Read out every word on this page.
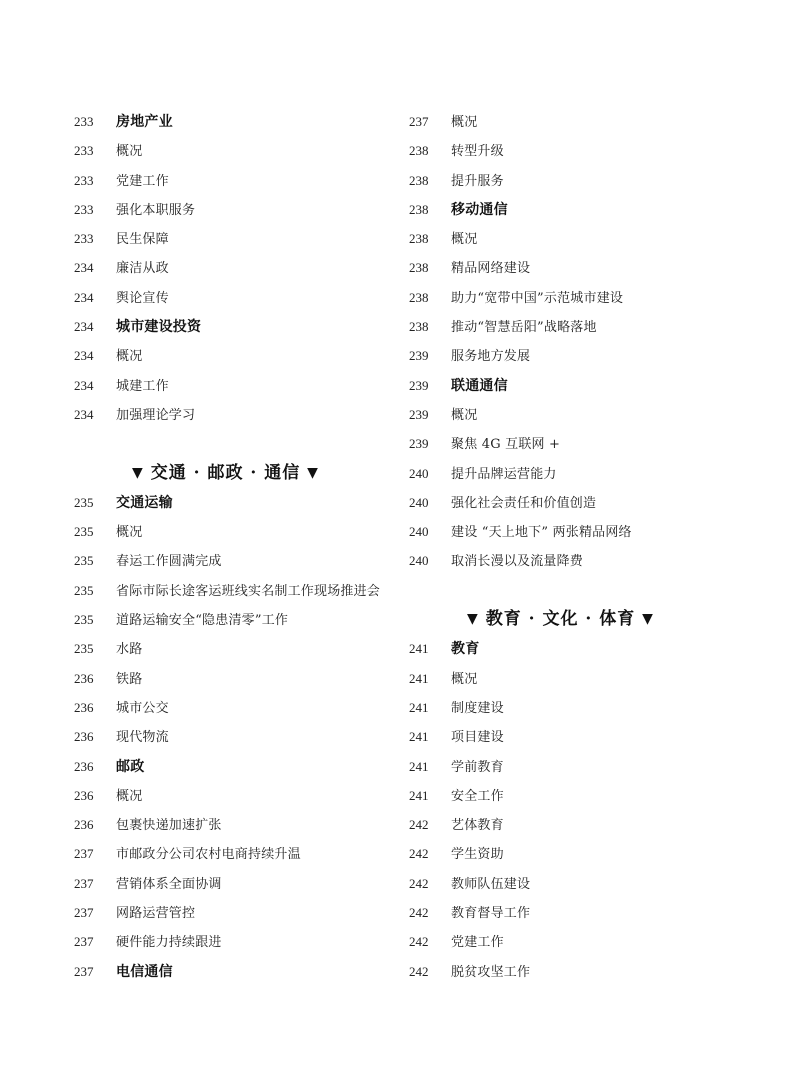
233 房地产业
233 概况
233 党建工作
233 强化本职服务
233 民生保障
234 廉洁从政
234 舆论宣传
234 城市建设投资
234 概况
234 城建工作
234 加强理论学习
▼ 交通 · 邮政 · 通信 ▼
235 交通运输
235 概况
235 春运工作圆满完成
235 省际市际长途客运班线实名制工作现场推进会
235 道路运输安全“隐患清零”工作
235 水路
236 铁路
236 城市公交
236 现代物流
236 邮政
236 概况
236 包裹快递加速扩张
237 市邮政分公司农村电商持续升温
237 营销体系全面协调
237 网路运营管控
237 硬件能力持续跟进
237 电信通信
237 概况
238 转型升级
238 提升服务
238 移动通信
238 概况
238 精品网络建设
238 助力“宽带中国”示范城市建设
238 推动“智慧岳阳”战略落地
239 服务地方发展
239 联通通信
239 概况
239 聚焦 4G 互联网 +
240 提升品牌运营能力
240 强化社会责任和价值创造
240 建设 “天上地下” 两张精品网络
240 取消长漫以及流量降费
▼ 教育 · 文化 · 体育 ▼
241 教育
241 概况
241 制度建设
241 项目建设
241 学前教育
241 安全工作
242 艺体教育
242 学生资助
242 教师队伍建设
242 教育督导工作
242 党建工作
242 脱贫攻坚工作
